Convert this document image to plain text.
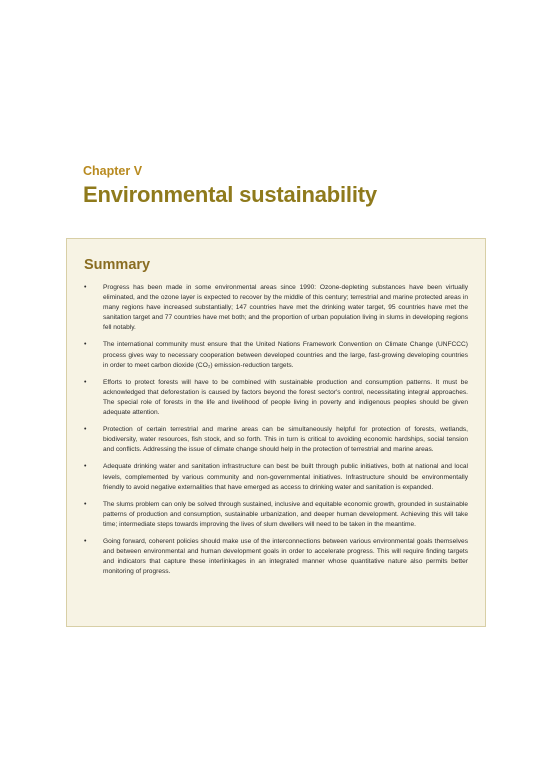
Chapter V

Environmental sustainability
Summary
•	Progress has been made in some environmental areas since 1990: Ozone-depleting substances have been virtually eliminated, and the ozone layer is expected to recover by the middle of this century; terrestrial and marine protected areas in many regions have increased substantially; 147 countries have met the drinking water target, 95 countries have met the sanitation target and 77 countries have met both; and the proportion of urban population living in slums in developing regions fell notably.
•	The international community must ensure that the United Nations Framework Convention on Climate Change (UNFCCC) process gives way to necessary cooperation between developed countries and the large, fast-growing developing countries in order to meet carbon dioxide (CO₂) emission-reduction targets.
•	Efforts to protect forests will have to be combined with sustainable production and consumption patterns. It must be acknowledged that deforestation is caused by factors beyond the forest sector's control, necessitating integral approaches. The special role of forests in the life and livelihood of people living in poverty and indigenous peoples should be given adequate attention.
•	Protection of certain terrestrial and marine areas can be simultaneously helpful for protection of forests, wetlands, biodiversity, water resources, fish stock, and so forth. This in turn is critical to avoiding economic hardships, social tension and conflicts. Addressing the issue of climate change should help in the protection of terrestrial and marine areas.
•	Adequate drinking water and sanitation infrastructure can best be built through public initiatives, both at national and local levels, complemented by various community and non-governmental initiatives. Infrastructure should be environmentally friendly to avoid negative externalities that have emerged as access to drinking water and sanitation is expanded.
•	The slums problem can only be solved through sustained, inclusive and equitable economic growth, grounded in sustainable patterns of production and consumption, sustainable urbanization, and deeper human development. Achieving this will take time; intermediate steps towards improving the lives of slum dwellers will need to be taken in the meantime.
•	Going forward, coherent policies should make use of the interconnections between various environmental goals themselves and between environmental and human development goals in order to accelerate progress. This will require finding targets and indicators that capture these interlinkages in an integrated manner whose quantitative nature also permits better monitoring of progress.
